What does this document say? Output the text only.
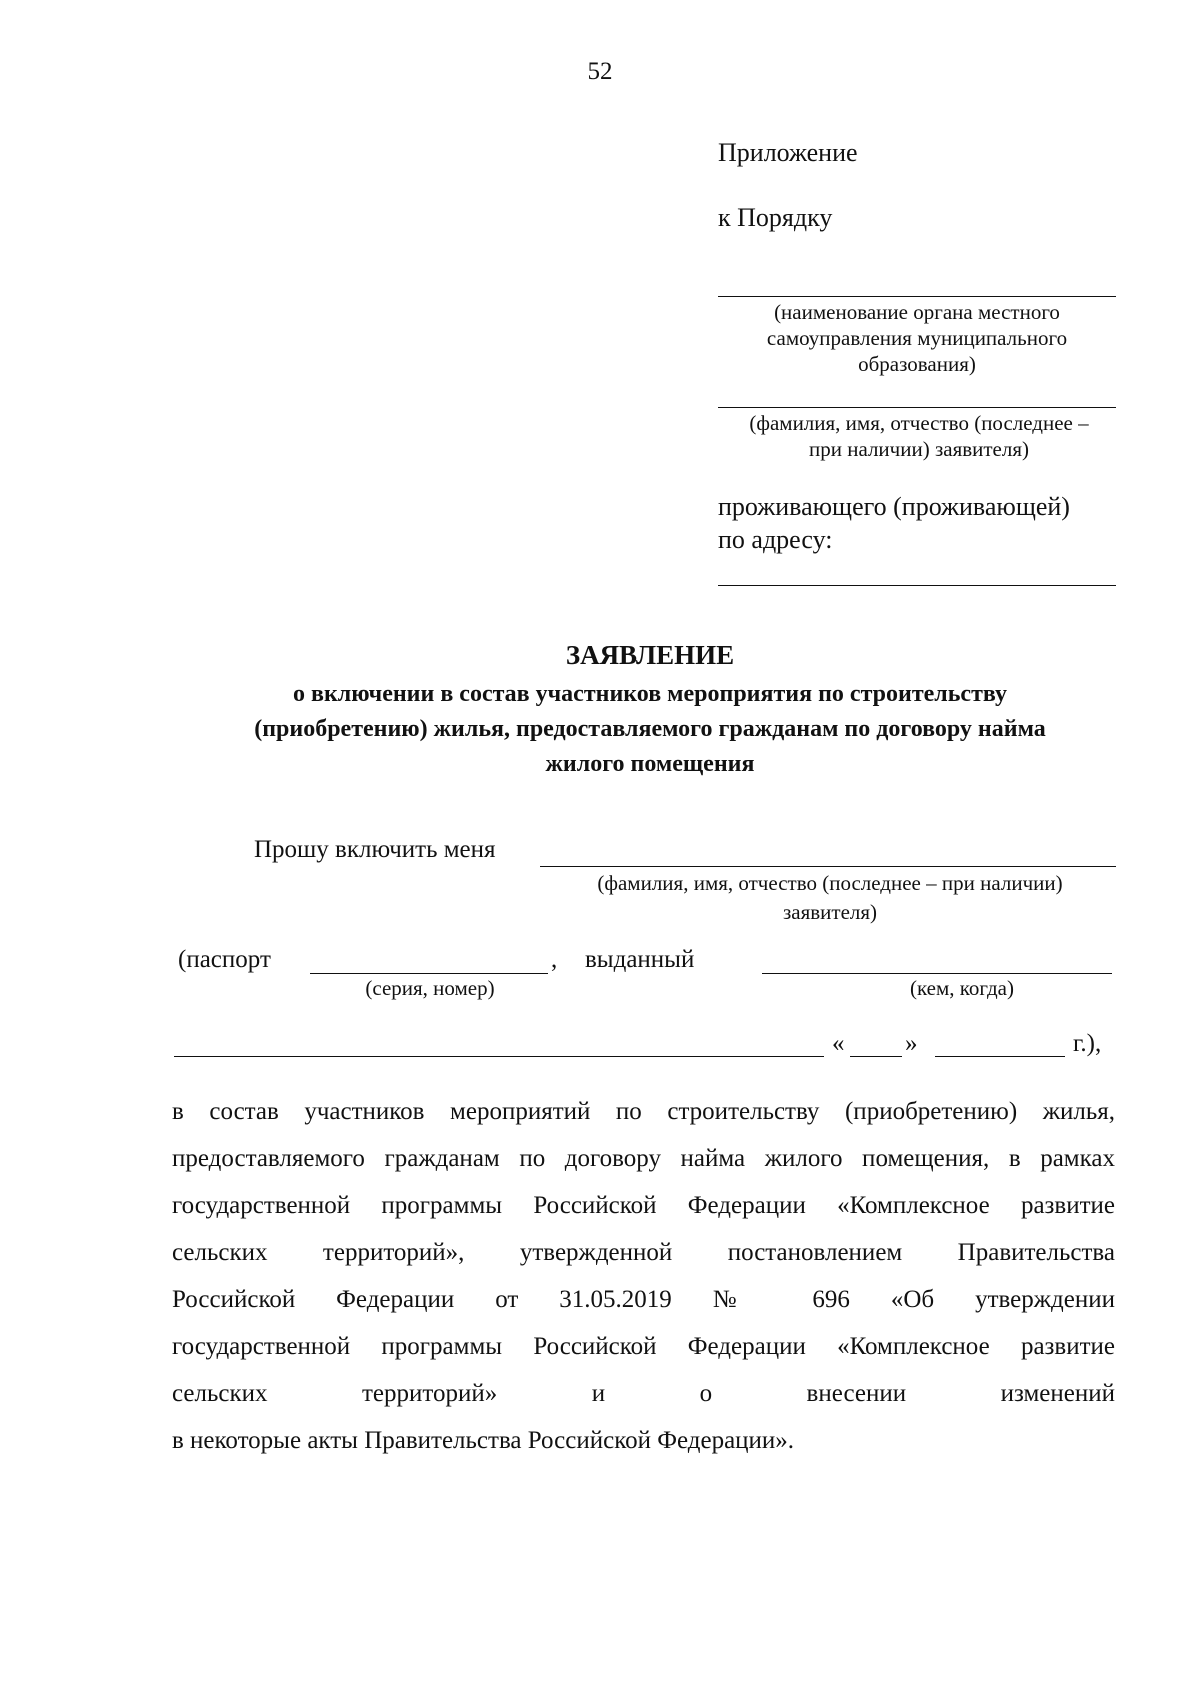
52
Приложение
к Порядку
(наименование органа местного
самоуправления муниципального
образования)
(фамилия, имя, отчество (последнее –
при наличии) заявителя)
проживающего (проживающей)
по адресу:
ЗАЯВЛЕНИЕ
о включении в состав участников мероприятия по строительству
(приобретению) жилья, предоставляемого гражданам по договору найма
жилого помещения
Прошу включить меня
(фамилия, имя, отчество (последнее – при наличии)
заявителя)
(паспорт	, выданный
(серия, номер)	(кем, когда)
« »	г.),
в состав участников мероприятий по строительству (приобретению) жилья,
предоставляемого гражданам по договору найма жилого помещения, в рамках
государственной программы Российской Федерации «Комплексное развитие
сельских территорий», утвержденной постановлением Правительства
Российской Федерации от 31.05.2019 № 696 «Об утверждении
государственной программы Российской Федерации «Комплексное развитие
сельских территорий» и о внесении изменений
в некоторые акты Правительства Российской Федерации».
